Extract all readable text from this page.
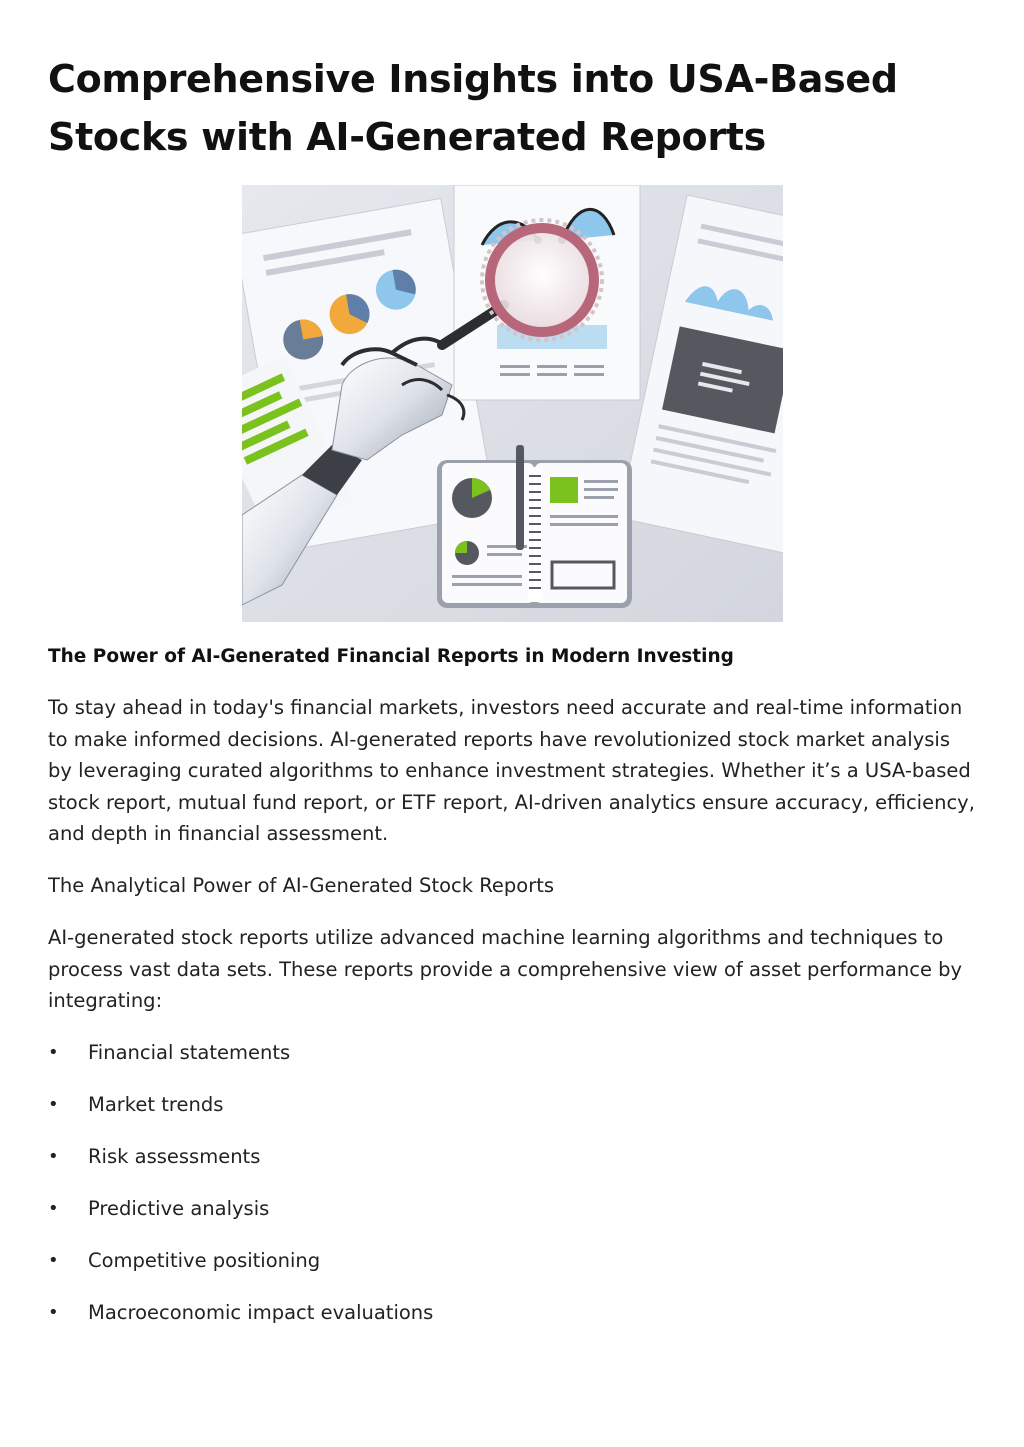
Comprehensive Insights into USA-Based Stocks with AI-Generated Reports
The Power of AI-Generated Financial Reports in Modern Investing

To stay ahead in today's financial markets, investors need accurate and real-time information to make informed decisions. AI-generated reports have revolutionized stock market analysis by leveraging curated algorithms to enhance investment strategies. Whether it’s a USA-based stock report, mutual fund report, or ETF report, AI-driven analytics ensure accuracy, efficiency, and depth in financial assessment.

The Analytical Power of AI-Generated Stock Reports

AI-generated stock reports utilize advanced machine learning algorithms and techniques to process vast data sets. These reports provide a comprehensive view of asset performance by integrating:

• Financial statements
• Market trends
• Risk assessments
• Predictive analysis
• Competitive positioning
• Macroeconomic impact evaluations
